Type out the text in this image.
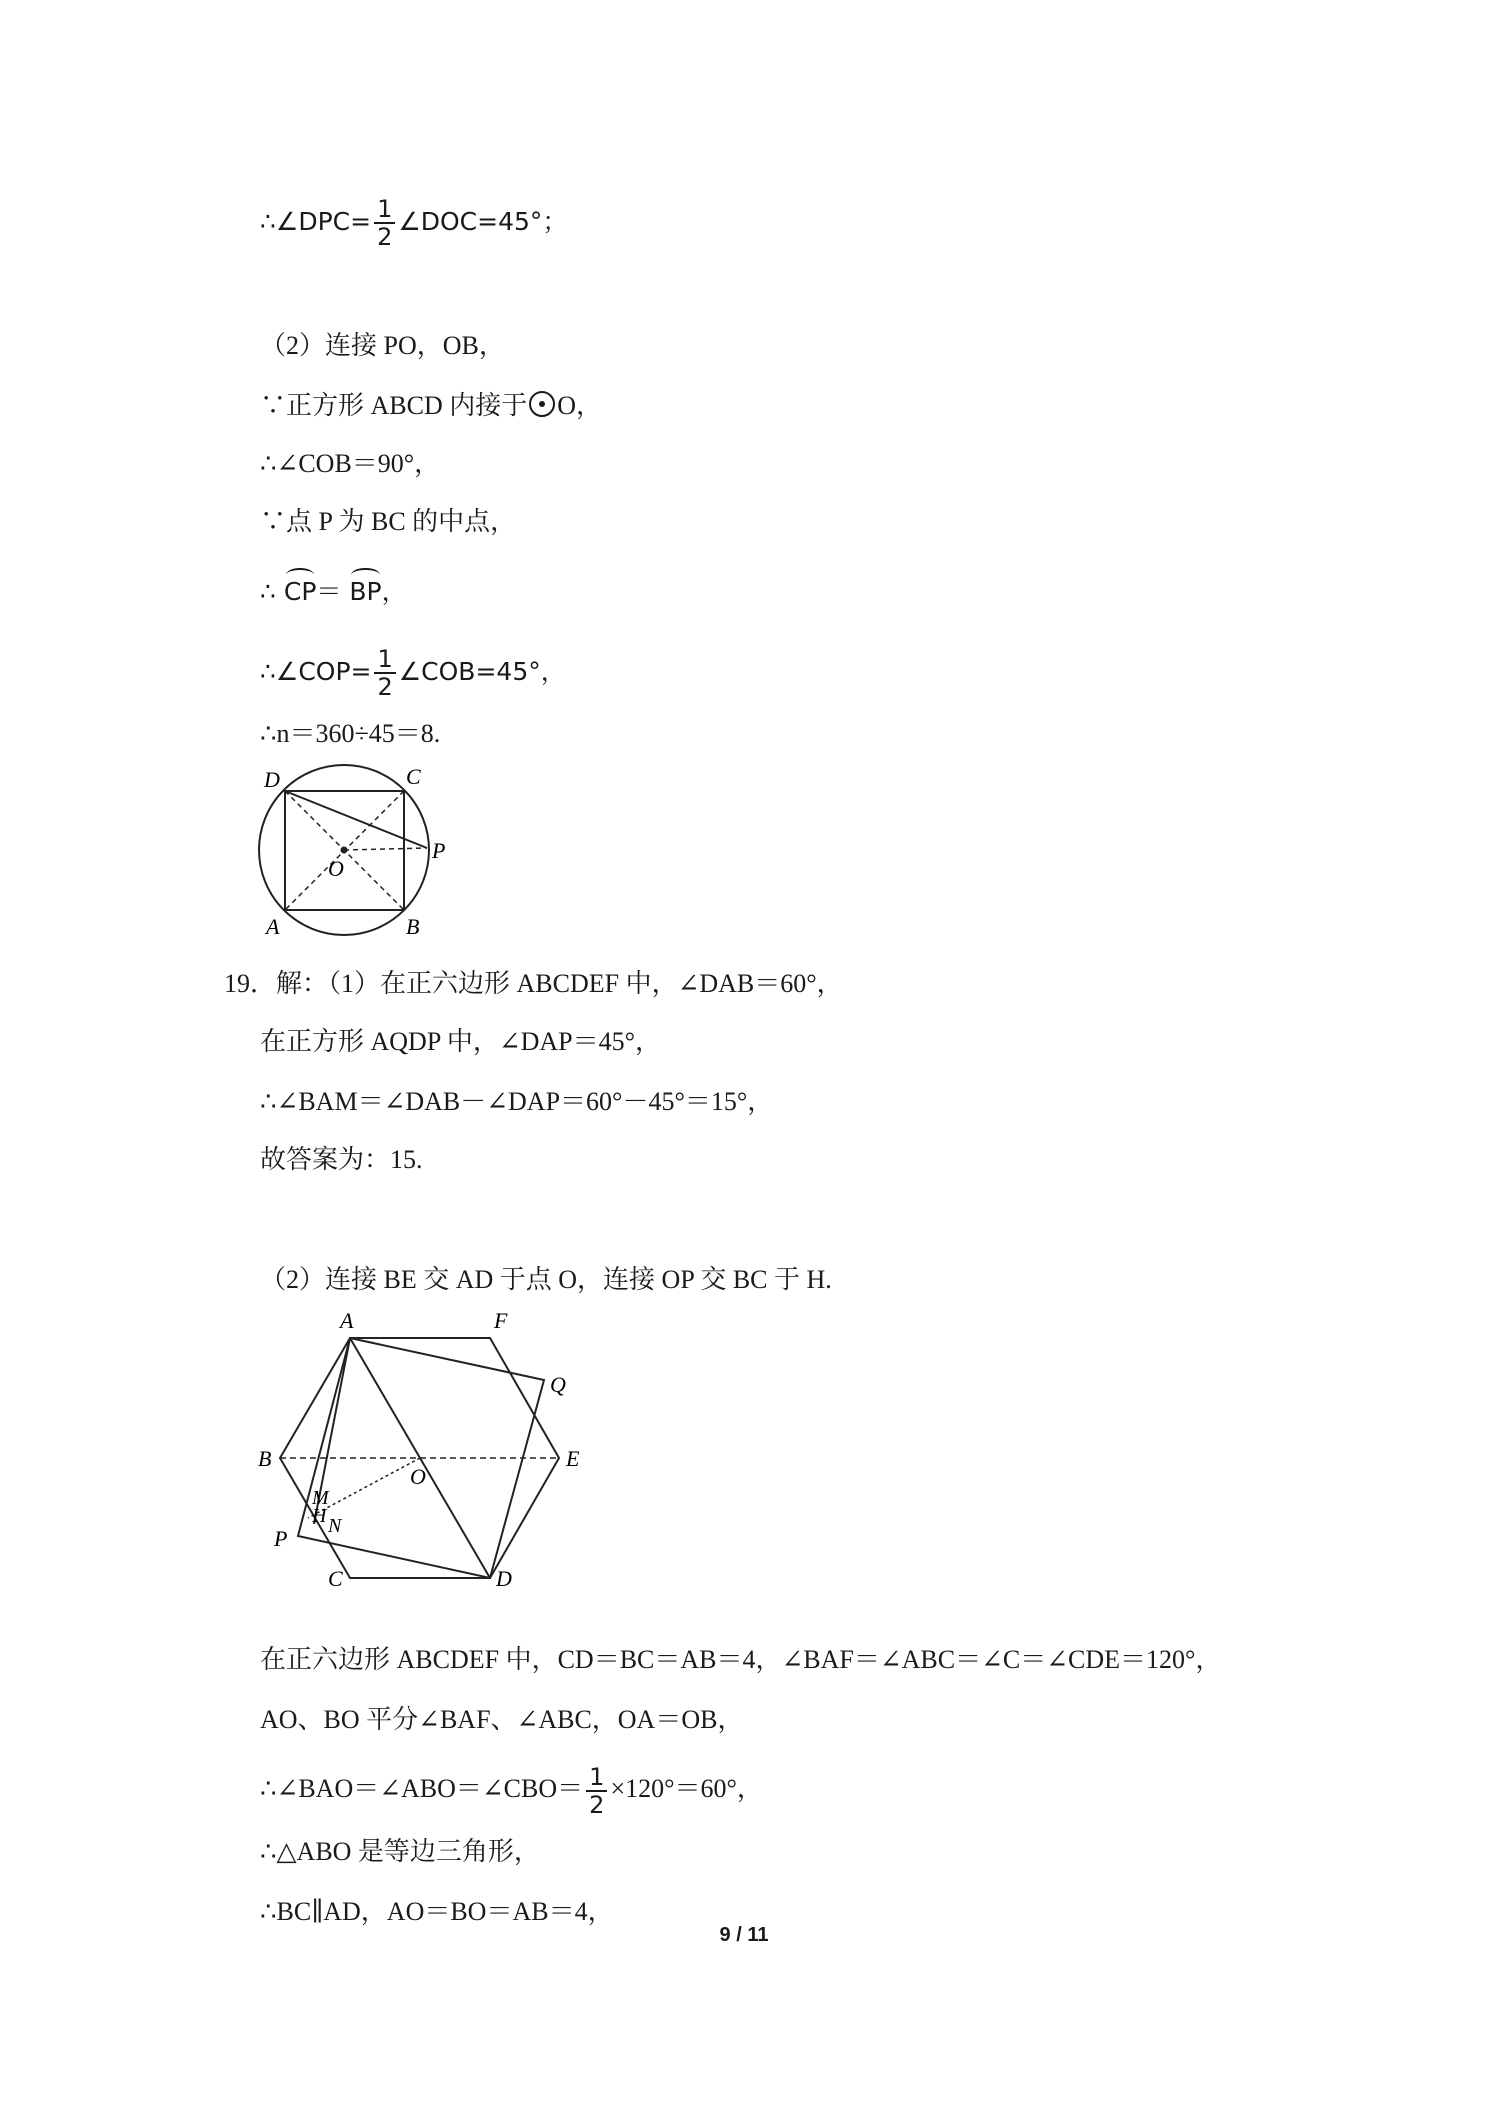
∴∠DPC= $\frac{1}{2}$ ∠DOC=45°；
（2）连接 PO，OB，
∵正方形 ABCD 内接于 O，
∴∠COB＝90°，
∵点 P 为 BC 的中点，
∴ CP＝ BP，
∴∠COP= $\frac{1}{2}$ ∠COB=45°，
∴n＝360÷45＝8.
D	C
P
O
A	B
19．解：（1）在正六边形 ABCDEF 中，∠DAB＝60°，
在正方形 AQDP 中，∠DAP＝45°，
∴∠BAM＝∠DAB－∠DAP＝60°－45°＝15°，
故答案为：15.
（2）连接 BE 交 AD 于点 O，连接 OP 交 BC 于 H.
A	F
Q
B
O
E
M
H N
P
C	D
在正六边形 ABCDEF 中，CD＝BC＝AB＝4，∠BAF＝∠ABC＝∠C＝∠CDE＝120°，
AO、BO 平分∠BAF、∠ABC，OA＝OB，
∴∠BAO＝∠ABO＝∠CBO＝ $\frac{1}{2} \times 120^\circ=60^\circ$，
∴△ABO 是等边三角形，
∴BC∥AD，AO＝BO＝AB＝4，
9 / 11
